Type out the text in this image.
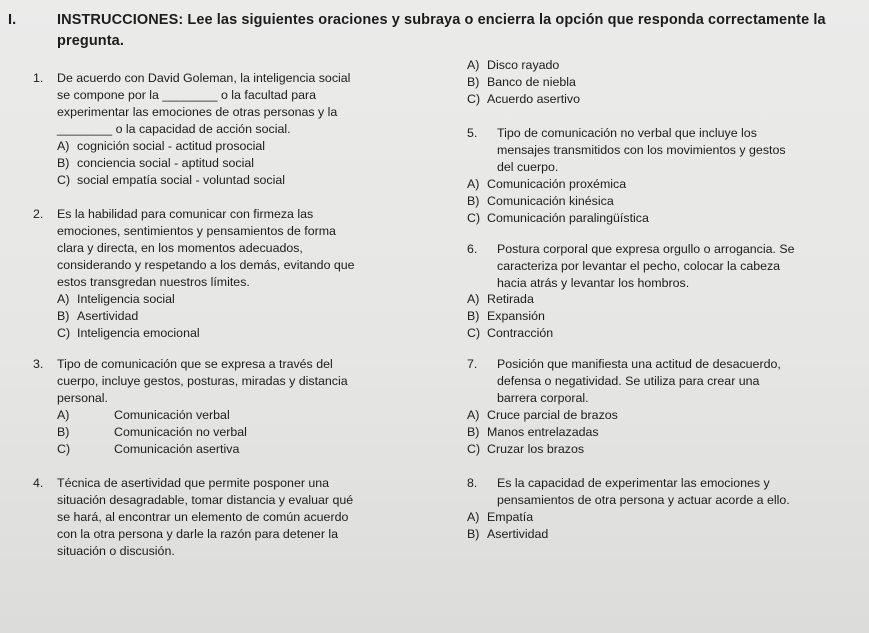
I.	INSTRUCCIONES: Lee las siguientes oraciones y subraya o encierra la opción que responda correctamente la
pregunta.
1. De acuerdo con David Goleman, la inteligencia social
se compone por la ________ o la facultad para
experimentar las emociones de otras personas y la
________ o la capacidad de acción social.
A) cognición social - actitud prosocial
B) conciencia social - aptitud social
C) social empatía social - voluntad social
2. Es la habilidad para comunicar con firmeza las
emociones, sentimientos y pensamientos de forma
clara y directa, en los momentos adecuados,
considerando y respetando a los demás, evitando que
estos transgredan nuestros límites.
A) Inteligencia social
B) Asertividad
C) Inteligencia emocional
3. Tipo de comunicación que se expresa a través del
cuerpo, incluye gestos, posturas, miradas y distancia
personal.
A)	Comunicación verbal
B)	Comunicación no verbal
C)	Comunicación asertiva
4. Técnica de asertividad que permite posponer una
situación desagradable, tomar distancia y evaluar qué
se hará, al encontrar un elemento de común acuerdo
con la otra persona y darle la razón para detener la
situación o discusión.
A) Disco rayado
B) Banco de niebla
C) Acuerdo asertivo
5. Tipo de comunicación no verbal que incluye los
mensajes transmitidos con los movimientos y gestos
del cuerpo.
A) Comunicación proxémica
B) Comunicación kinésica
C) Comunicación paralingüística
6. Postura corporal que expresa orgullo o arrogancia. Se
caracteriza por levantar el pecho, colocar la cabeza
hacia atrás y levantar los hombros.
A) Retirada
B) Expansión
C) Contracción
7. Posición que manifiesta una actitud de desacuerdo,
defensa o negatividad. Se utiliza para crear una
barrera corporal.
A) Cruce parcial de brazos
B) Manos entrelazadas
C) Cruzar los brazos
8. Es la capacidad de experimentar las emociones y
pensamientos de otra persona y actuar acorde a ello.
A) Empatía
B) Asertividad
